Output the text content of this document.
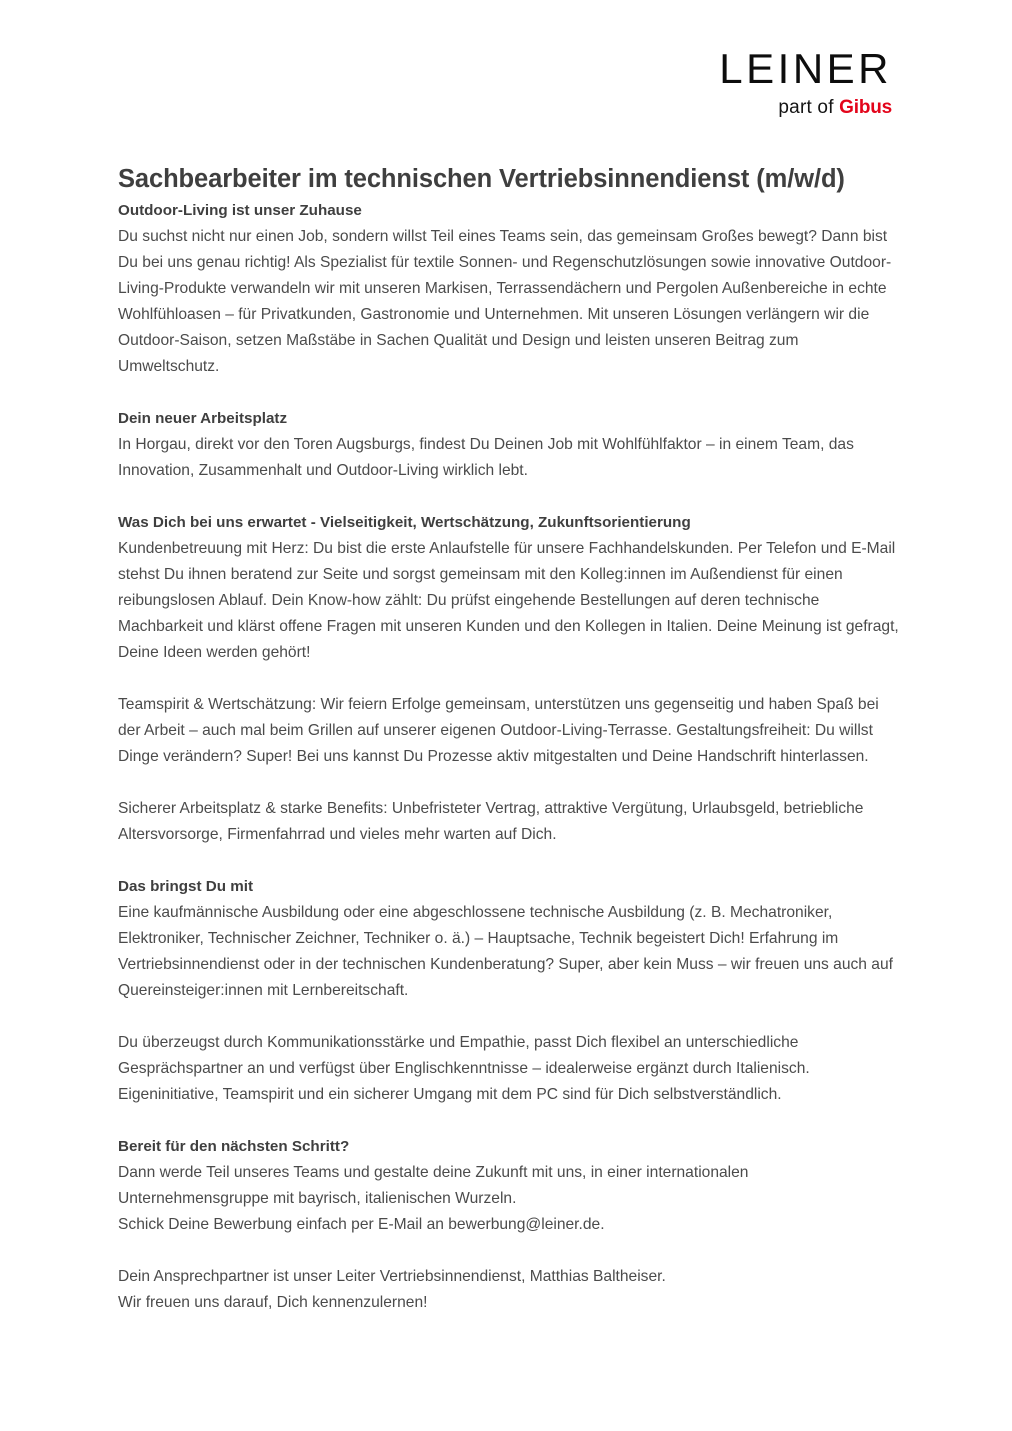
LEINER
part of Gibus
Sachbearbeiter im technischen Vertriebsinnendienst (m/w/d)

Outdoor-Living ist unser Zuhause

Du suchst nicht nur einen Job, sondern willst Teil eines Teams sein, das gemeinsam Großes bewegt? Dann bist Du bei uns genau richtig! Als Spezialist für textile Sonnen- und Regenschutzlösungen sowie innovative Outdoor-Living-Produkte verwandeln wir mit unseren Markisen, Terrassendächern und Pergolen Außenbereiche in echte Wohlfühloasen – für Privatkunden, Gastronomie und Unternehmen. Mit unseren Lösungen verlängern wir die Outdoor-Saison, setzen Maßstäbe in Sachen Qualität und Design und leisten unseren Beitrag zum Umweltschutz.

Dein neuer Arbeitsplatz

In Horgau, direkt vor den Toren Augsburgs, findest Du Deinen Job mit Wohlfühlfaktor – in einem Team, das Innovation, Zusammenhalt und Outdoor-Living wirklich lebt.

Was Dich bei uns erwartet - Vielseitigkeit, Wertschätzung, Zukunftsorientierung

Kundenbetreuung mit Herz: Du bist die erste Anlaufstelle für unsere Fachhandelskunden. Per Telefon und E-Mail stehst Du ihnen beratend zur Seite und sorgst gemeinsam mit den Kolleg:innen im Außendienst für einen reibungslosen Ablauf. Dein Know-how zählt: Du prüfst eingehende Bestellungen auf deren technische Machbarkeit und klärst offene Fragen mit unseren Kunden und den Kollegen in Italien. Deine Meinung ist gefragt, Deine Ideen werden gehört!

Teamspirit & Wertschätzung: Wir feiern Erfolge gemeinsam, unterstützen uns gegenseitig und haben Spaß bei der Arbeit – auch mal beim Grillen auf unserer eigenen Outdoor-Living-Terrasse. Gestaltungsfreiheit: Du willst Dinge verändern? Super! Bei uns kannst Du Prozesse aktiv mitgestalten und Deine Handschrift hinterlassen.

Sicherer Arbeitsplatz & starke Benefits: Unbefristeter Vertrag, attraktive Vergütung, Urlaubsgeld, betriebliche Altersvorsorge, Firmenfahrrad und vieles mehr warten auf Dich.

Das bringst Du mit

Eine kaufmännische Ausbildung oder eine abgeschlossene technische Ausbildung (z. B. Mechatroniker, Elektroniker, Technischer Zeichner, Techniker o. ä.) – Hauptsache, Technik begeistert Dich! Erfahrung im Vertriebsinnendienst oder in der technischen Kundenberatung? Super, aber kein Muss – wir freuen uns auch auf Quereinsteiger:innen mit Lernbereitschaft.

Du überzeugst durch Kommunikationsstärke und Empathie, passt Dich flexibel an unterschiedliche Gesprächspartner an und verfügst über Englischkenntnisse – idealerweise ergänzt durch Italienisch. Eigeninitiative, Teamspirit und ein sicherer Umgang mit dem PC sind für Dich selbstverständlich.

Bereit für den nächsten Schritt?

Dann werde Teil unseres Teams und gestalte deine Zukunft mit uns, in einer internationalen Unternehmensgruppe mit bayrisch, italienischen Wurzeln.

Schick Deine Bewerbung einfach per E-Mail an bewerbung@leiner.de.

Dein Ansprechpartner ist unser Leiter Vertriebsinnendienst, Matthias Baltheiser.

Wir freuen uns darauf, Dich kennenzulernen!
